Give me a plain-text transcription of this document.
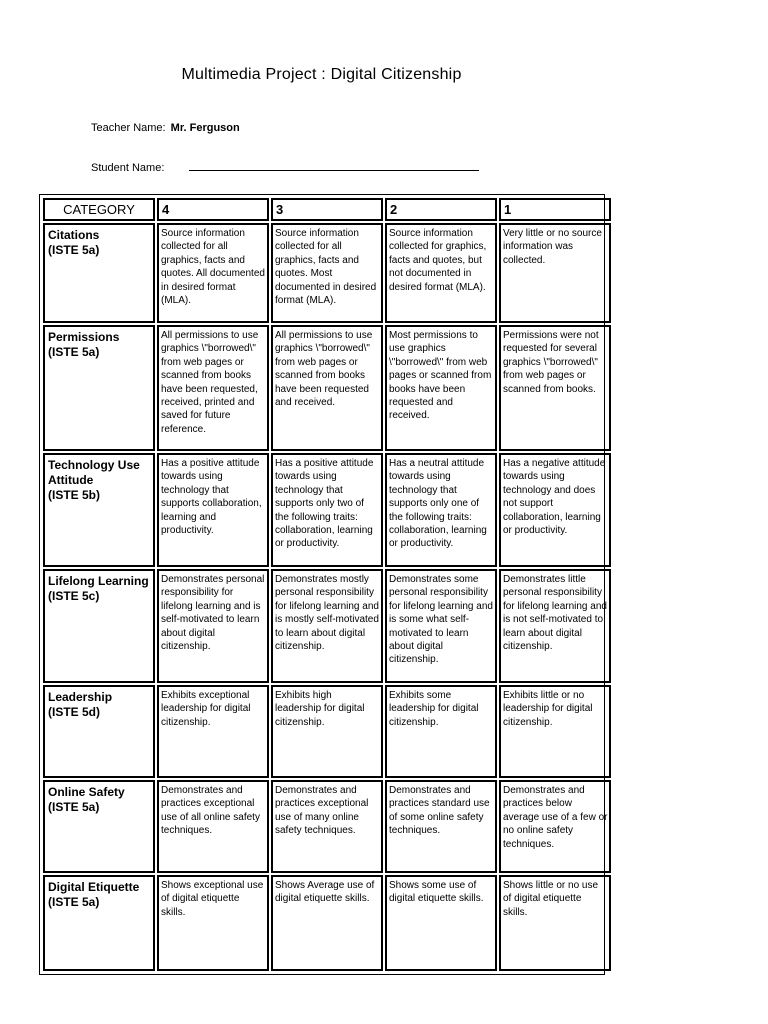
Multimedia Project : Digital Citizenship
Teacher Name: Mr. Ferguson
Student Name:
CATEGORY	4	3	2	1

Citations
(ISTE 5a)	Source information collected for all graphics, facts and quotes. All documented in desired format (MLA).	Source information collected for all graphics, facts and quotes. Most documented in desired format (MLA).	Source information collected for graphics, facts and quotes, but not documented in desired format (MLA).	Very little or no source information was collected.

Permissions
(ISTE 5a)	All permissions to use graphics \"borrowed\" from web pages or scanned from books have been requested, received, printed and saved for future reference.	All permissions to use graphics \"borrowed\" from web pages or scanned from books have been requested and received.	Most permissions to use graphics \"borrowed\" from web pages or scanned from books have been requested and received.	Permissions were not requested for several graphics \"borrowed\" from web pages or scanned from books.

Technology Use Attitude
(ISTE 5b)	Has a positive attitude towards using technology that supports collaboration, learning and productivity.	Has a positive attitude towards using technology that supports only two of the following traits: collaboration, learning or productivity.	Has a neutral attitude towards using technology that supports only one of the following traits: collaboration, learning or productivity.	Has a negative attitude towards using technology and does not support collaboration, learning or productivity.

Lifelong Learning
(ISTE 5c)	Demonstrates personal responsibility for lifelong learning and is self-motivated to learn about digital citizenship.	Demonstrates mostly personal responsibility for lifelong learning and is mostly self-motivated to learn about digital citizenship.	Demonstrates some personal responsibility for lifelong learning and is some what self-motivated to learn about digital citizenship.	Demonstrates little personal responsibility for lifelong learning and is not self-motivated to learn about digital citizenship.

Leadership
(ISTE 5d)	Exhibits exceptional leadership for digital citizenship.	Exhibits high leadership for digital citizenship.	Exhibits some leadership for digital citizenship.	Exhibits little or no leadership for digital citizenship.

Online Safety
(ISTE 5a)	Demonstrates and practices exceptional use of all online safety techniques.	Demonstrates and practices exceptional use of many online safety techniques.	Demonstrates and practices standard use of some online safety techniques.	Demonstrates and practices below average use of a few or no online safety techniques.

Digital Etiquette
(ISTE 5a)	Shows exceptional use of digital etiquette skills.	Shows Average use of digital etiquette skills.	Shows some use of digital etiquette skills.	Shows little or no use of digital etiquette skills.
